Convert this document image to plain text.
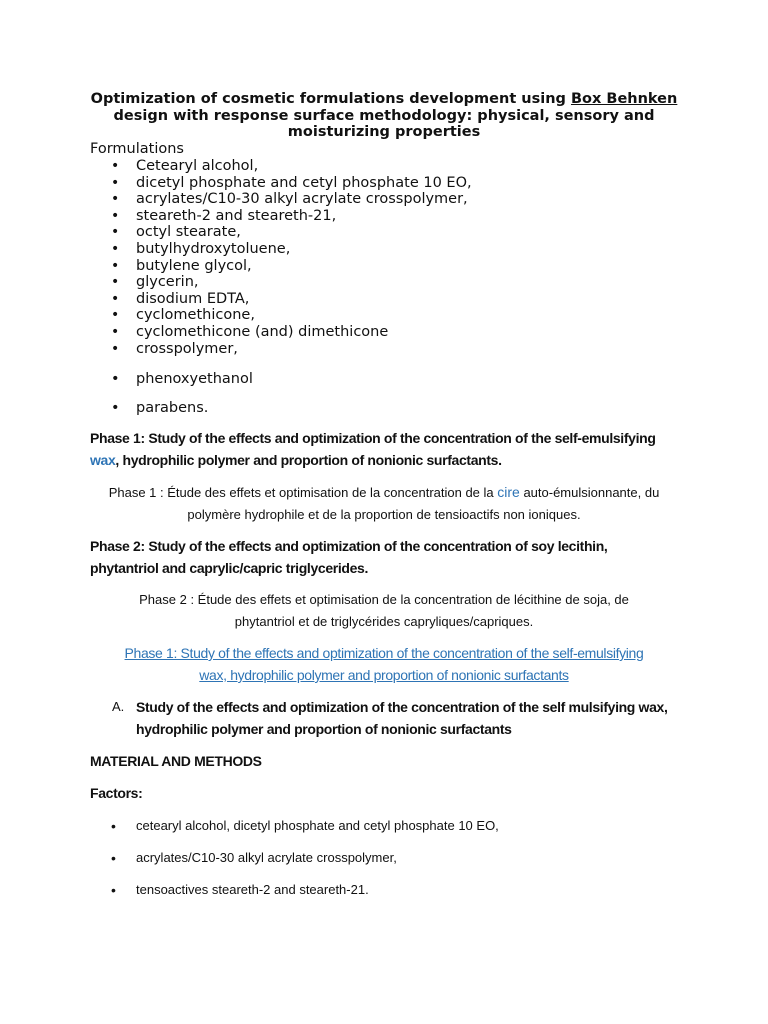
Optimization of cosmetic formulations development using Box Behnken
design with response surface methodology: physical, sensory and
moisturizing properties
Formulations
• Cetearyl alcohol,
• dicetyl phosphate and cetyl phosphate 10 EO,
• acrylates/C10-30 alkyl acrylate crosspolymer,
• steareth-2 and steareth-21,
• octyl stearate,
• butylhydroxytoluene,
• butylene glycol,
• glycerin,
• disodium EDTA,
• cyclomethicone,
• cyclomethicone (and) dimethicone
• crosspolymer,
• phenoxyethanol
• parabens.
Phase 1: Study of the effects and optimization of the concentration of the self-emulsifying
wax, hydrophilic polymer and proportion of nonionic surfactants.
Phase 1 : Étude des effets et optimisation de la concentration de la cire auto-émulsionnante, du
polymère hydrophile et de la proportion de tensioactifs non ioniques.
Phase 2: Study of the effects and optimization of the concentration of soy lecithin,
phytantriol and caprylic/capric triglycerides.
Phase 2 : Étude des effets et optimisation de la concentration de lécithine de soja, de
phytantriol et de triglycérides capryliques/capriques.
Phase 1: Study of the effects and optimization of the concentration of the self-emulsifying
wax, hydrophilic polymer and proportion of nonionic surfactants
A. Study of the effects and optimization of the concentration of the self mulsifying wax,
hydrophilic polymer and proportion of nonionic surfactants
MATERIAL AND METHODS
Factors:
• cetearyl alcohol, dicetyl phosphate and cetyl phosphate 10 EO,
• acrylates/C10-30 alkyl acrylate crosspolymer,
• tensoactives steareth-2 and steareth-21.
